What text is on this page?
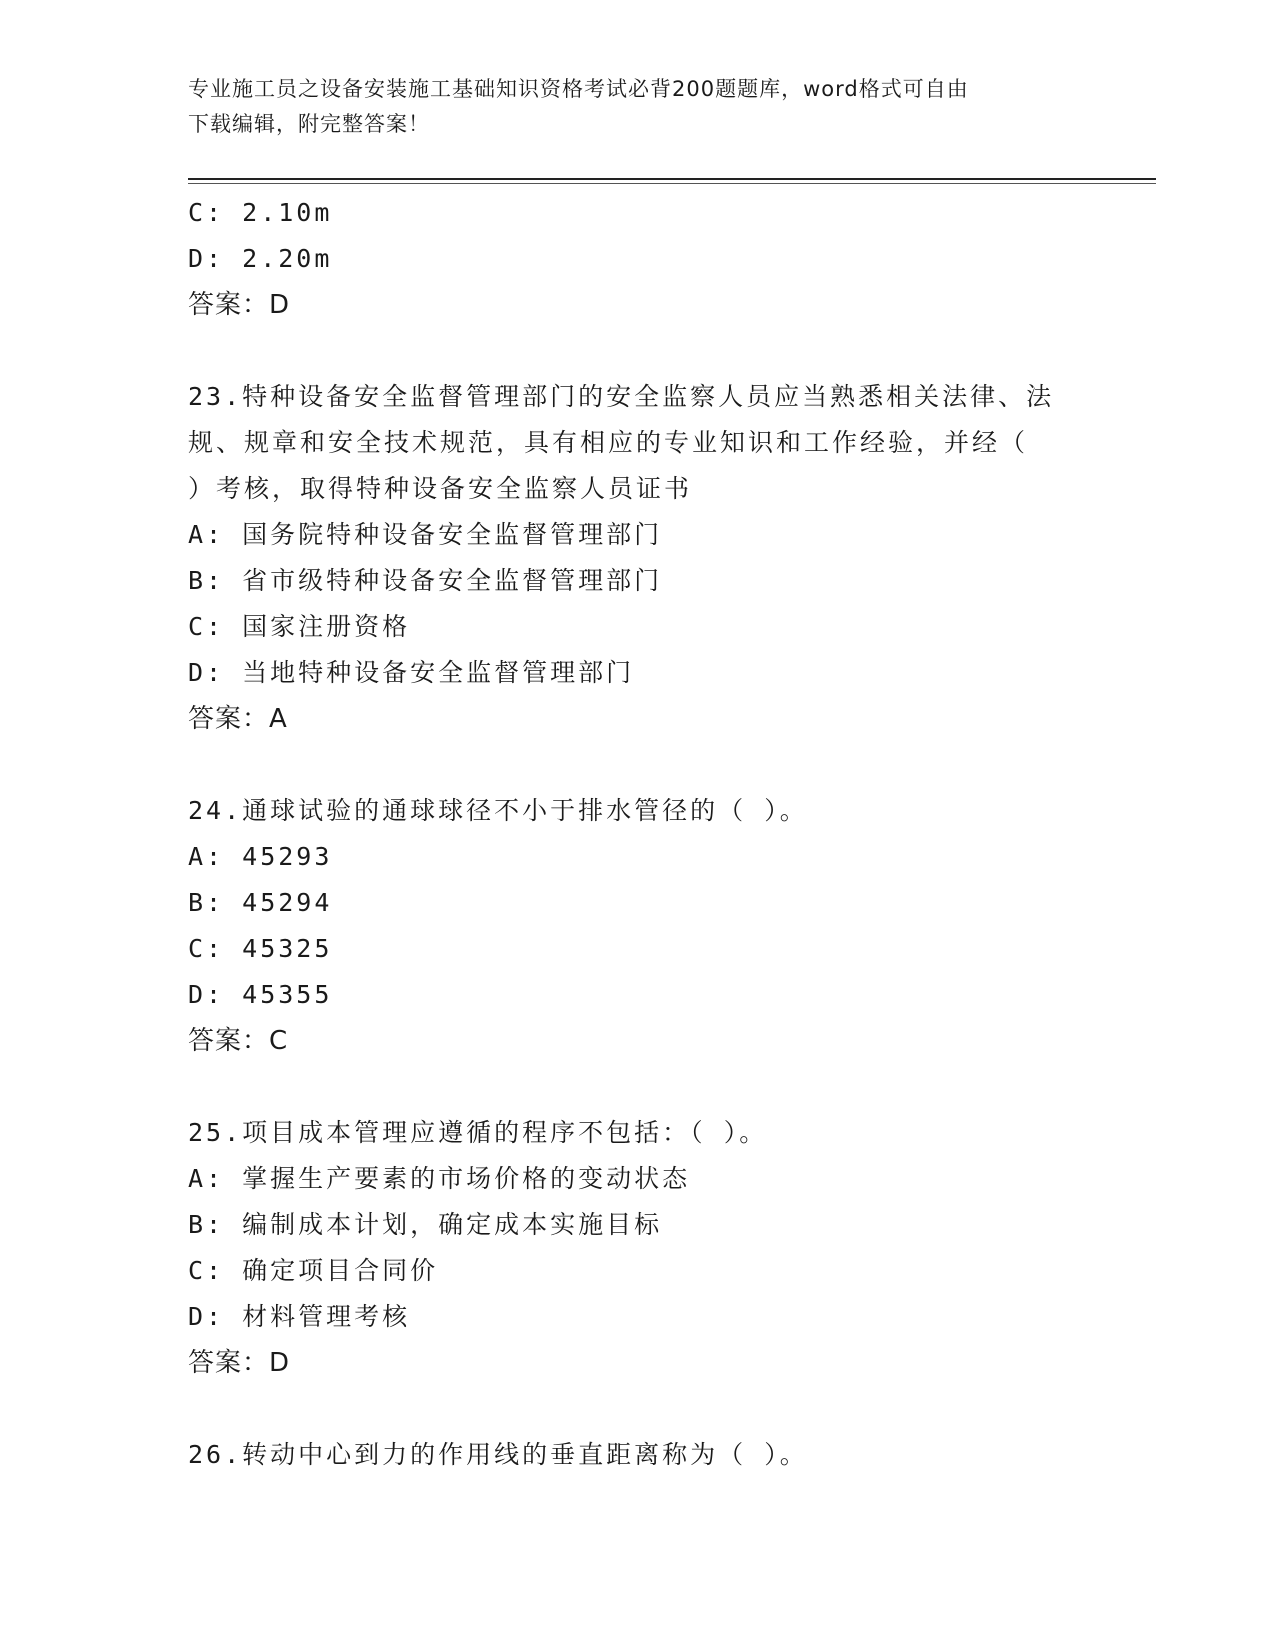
专业施工员之设备安装施工基础知识资格考试必背200题题库，word格式可自由
下载编辑，附完整答案！
C: 2.10m
D: 2.20m
答案：D
23.特种设备安全监督管理部门的安全监察人员应当熟悉相关法律、法
规、规章和安全技术规范，具有相应的专业知识和工作经验，并经（
）考核，取得特种设备安全监察人员证书
A: 国务院特种设备安全监督管理部门
B: 省市级特种设备安全监督管理部门
C: 国家注册资格
D: 当地特种设备安全监督管理部门
答案：A
24.通球试验的通球球径不小于排水管径的（ ）。
A: 45293
B: 45294
C: 45325
D: 45355
答案：C
25.项目成本管理应遵循的程序不包括：（ ）。
A: 掌握生产要素的市场价格的变动状态
B: 编制成本计划，确定成本实施目标
C: 确定项目合同价
D: 材料管理考核
答案：D
26.转动中心到力的作用线的垂直距离称为（ ）。
